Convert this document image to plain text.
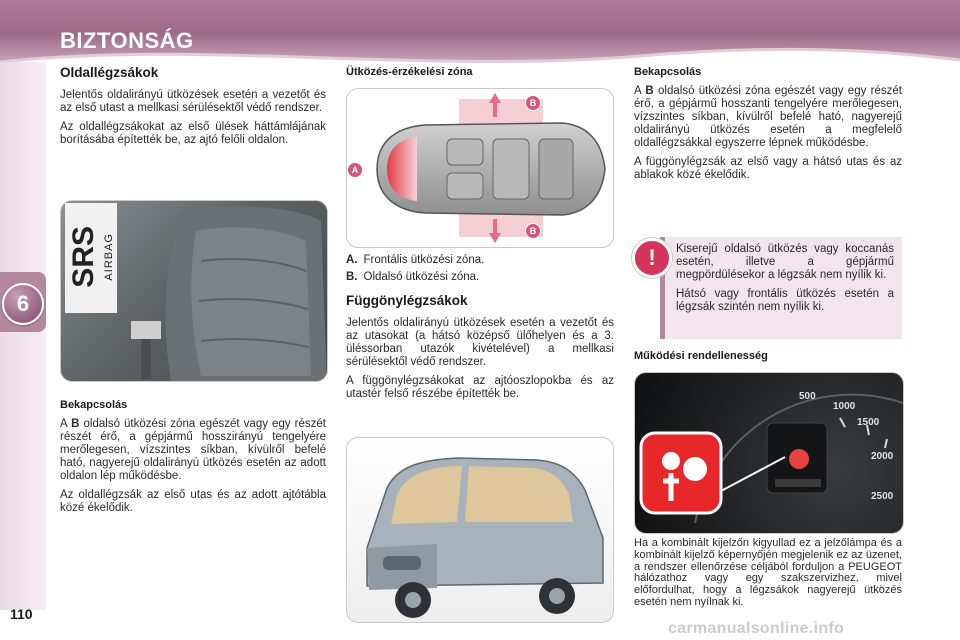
BIZTONSÁG
6
110
Oldallégzsákok

Jelentős oldalirányú ütközések esetén a vezetőt és az első utast a mellkasi sérülésektől védő rendszer.

Az oldallégzsákokat az első ülések háttámlájának borításába építették be, az ajtó felőli oldalon.

SRS AIRBAG
Bekapcsolás

A B oldalsó ütközési zóna egészét vagy egy részét részét érő, a gépjármű hosszirányú tengelyére merőlegesen, vízszintes síkban, kívülről befelé ható, nagyerejű oldalirányú ütközés esetén az adott oldalon lép működésbe.

Az oldallégzsák az első utas és az adott ajtótábla közé ékelődik.

Ütközés-érzékelési zóna
A
B
B
A. Frontális ütközési zóna.
B. Oldalsó ütközési zóna.
Függönylégzsákok

Jelentős oldalirányú ütközések esetén a vezetőt és az utasokat (a hátsó középső ülőhelyen és a 3. üléssorban utazók kivételével) a mellkasi sérülésektől védő rendszer.

A függönylégzsákokat az ajtóoszlopokba és az utastér felső részébe építették be.

Bekapcsolás

A B oldalsó ütközési zóna egészét vagy egy részét érő, a gépjármű hosszanti tengelyére merőlegesen, vízszintes síkban, kívülről befelé ható, nagyerejű oldalirányú ütközés esetén a megfelelő oldallégzsákkal egyszerre lépnek működésbe.

A függönylégzsák az első vagy a hátsó utas és az ablakok közé ékelődik.

!	Kiserejű oldalsó ütközés vagy koccanás esetén, illetve a gépjármű megpördülésekor a légzsák nem nyílik ki.

Hátsó vagy frontális ütközés esetén a légzsák szintén nem nyílik ki.

Működési rendellenesség
500
1000
1500
2000
2500

Ha a kombinált kijelzőn kigyullad ez a jelzőlámpa és a kombinált kijelző képernyőjén megjelenik ez az üzenet, a rendszer ellenőrzése céljából forduljon a PEUGEOT hálózathoz vagy egy szakszervizhez, mivel előfordulhat, hogy a légzsákok nagyerejű ütközés esetén nem nyílnak ki.

carmanualsonline.info
